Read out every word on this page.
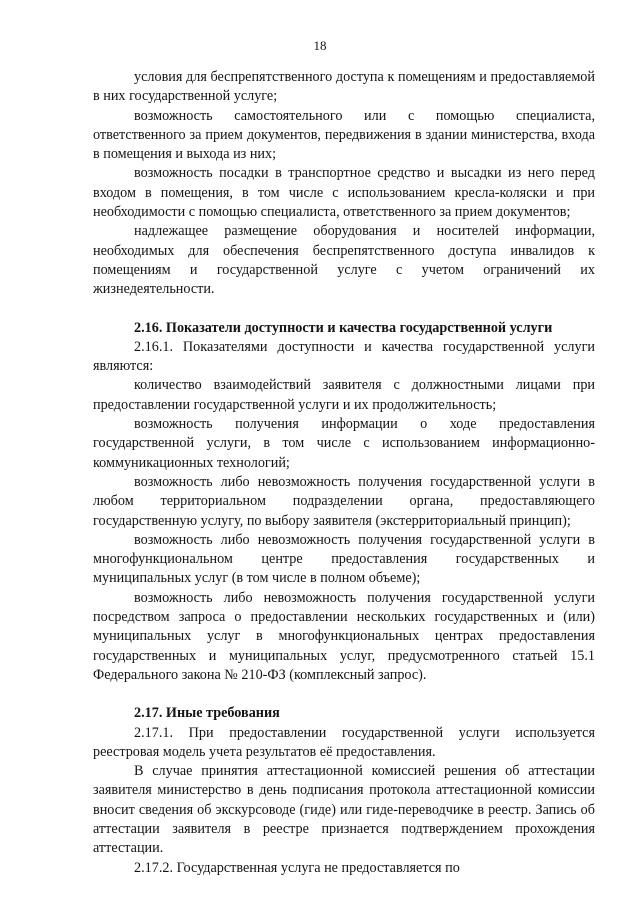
18

условия для беспрепятственного доступа к помещениям и предоставляемой в них государственной услуге;

возможность самостоятельного или с помощью специалиста, ответственного за прием документов, передвижения в здании министерства, входа в помещения и выхода из них;

возможность посадки в транспортное средство и высадки из него перед входом в помещения, в том числе с использованием кресла-коляски и при необходимости с помощью специалиста, ответственного за прием документов;

надлежащее размещение оборудования и носителей информации, необходимых для обеспечения беспрепятственного доступа инвалидов к помещениям и государственной услуге с учетом ограничений их жизнедеятельности.

2.16. Показатели доступности и качества государственной услуги

2.16.1. Показателями доступности и качества государственной услуги являются:

количество взаимодействий заявителя с должностными лицами при предоставлении государственной услуги и их продолжительность;

возможность получения информации о ходе предоставления государственной услуги, в том числе с использованием информационно-коммуникационных технологий;

возможность либо невозможность получения государственной услуги в любом территориальном подразделении органа, предоставляющего государственную услугу, по выбору заявителя (экстерриториальный принцип);

возможность либо невозможность получения государственной услуги в многофункциональном центре предоставления государственных и муниципальных услуг (в том числе в полном объеме);

возможность либо невозможность получения государственной услуги посредством запроса о предоставлении нескольких государственных и (или) муниципальных услуг в многофункциональных центрах предоставления государственных и муниципальных услуг, предусмотренного статьей 15.1 Федерального закона № 210-ФЗ (комплексный запрос).

2.17. Иные требования

2.17.1. При предоставлении государственной услуги используется реестровая модель учета результатов её предоставления.

В случае принятия аттестационной комиссией решения об аттестации заявителя министерство в день подписания протокола аттестационной комиссии вносит сведения об экскурсоводе (гиде) или гиде-переводчике в реестр. Запись об аттестации заявителя в реестре признается подтверждением прохождения аттестации.

2.17.2. Государственная услуга не предоставляется по
